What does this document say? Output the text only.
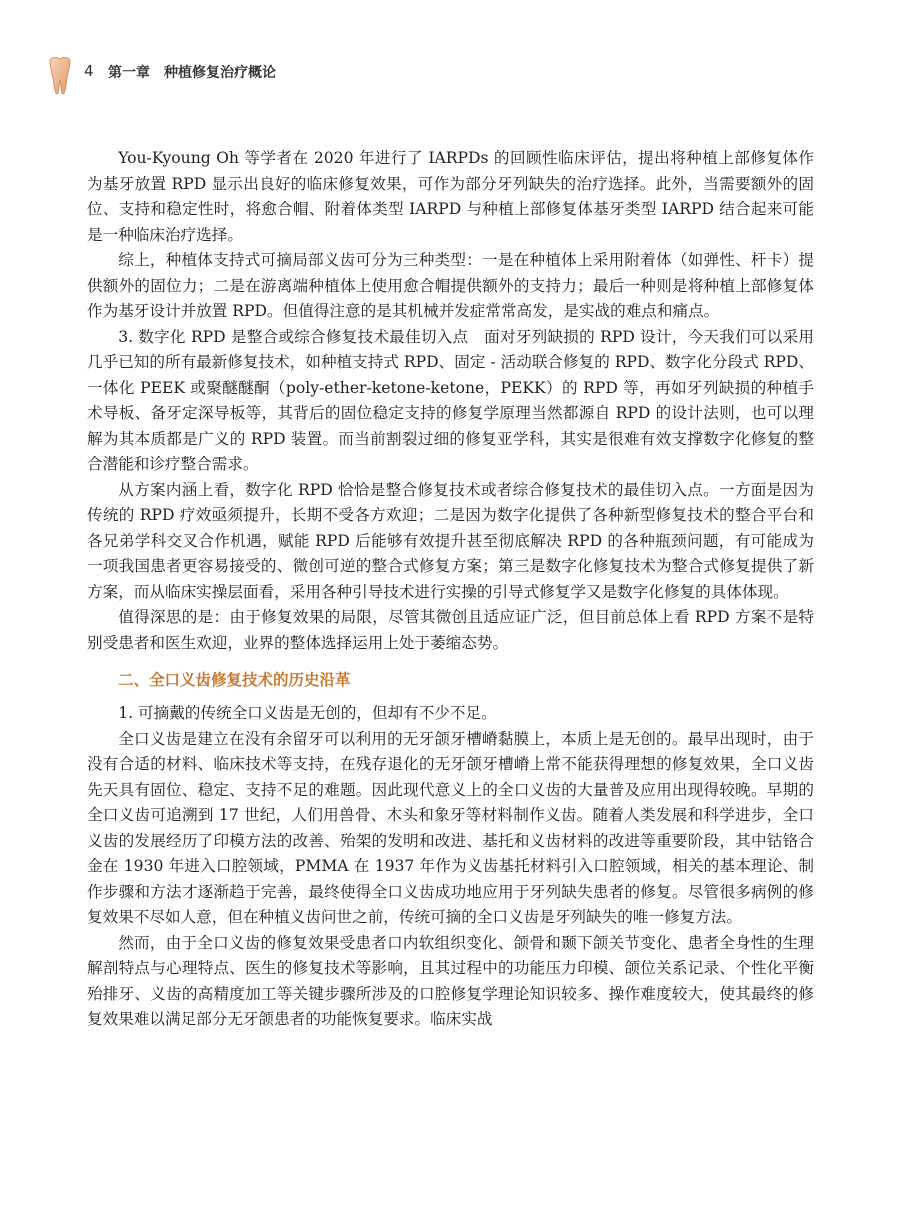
4 第一章　种植修复治疗概论

You-Kyoung Oh 等学者在 2020 年进行了 IARPDs 的回顾性临床评估，提出将种植上部修复体作为基牙放置 RPD 显示出良好的临床修复效果，可作为部分牙列缺失的治疗选择。此外，当需要额外的固位、支持和稳定性时，将愈合帽、附着体类型 IARPD 与种植上部修复体基牙类型 IARPD 结合起来可能是一种临床治疗选择。

综上，种植体支持式可摘局部义齿可分为三种类型：一是在种植体上采用附着体（如弹性、杆卡）提供额外的固位力；二是在游离端种植体上使用愈合帽提供额外的支持力；最后一种则是将种植上部修复体作为基牙设计并放置 RPD。但值得注意的是其机械并发症常常高发，是实战的难点和痛点。

3. 数字化 RPD 是整合或综合修复技术最佳切入点　面对牙列缺损的 RPD 设计，今天我们可以采用几乎已知的所有最新修复技术，如种植支持式 RPD、固定 - 活动联合修复的 RPD、数字化分段式 RPD、一体化 PEEK 或聚醚醚酮（poly-ether-ketone-ketone，PEKK）的 RPD 等，再如牙列缺损的种植手术导板、备牙定深导板等，其背后的固位稳定支持的修复学原理当然都源自 RPD 的设计法则，也可以理解为其本质都是广义的 RPD 装置。而当前割裂过细的修复亚学科，其实是很难有效支撑数字化修复的整合潜能和诊疗整合需求。

从方案内涵上看，数字化 RPD 恰恰是整合修复技术或者综合修复技术的最佳切入点。一方面是因为传统的 RPD 疗效亟须提升，长期不受各方欢迎；二是因为数字化提供了各种新型修复技术的整合平台和各兄弟学科交叉合作机遇，赋能 RPD 后能够有效提升甚至彻底解决 RPD 的各种瓶颈问题，有可能成为一项我国患者更容易接受的、微创可逆的整合式修复方案；第三是数字化修复技术为整合式修复提供了新方案，而从临床实操层面看，采用各种引导技术进行实操的引导式修复学又是数字化修复的具体体现。

值得深思的是：由于修复效果的局限，尽管其微创且适应证广泛，但目前总体上看 RPD 方案不是特别受患者和医生欢迎，业界的整体选择运用上处于萎缩态势。

二、全口义齿修复技术的历史沿革

1. 可摘戴的传统全口义齿是无创的，但却有不少不足。

全口义齿是建立在没有余留牙可以利用的无牙颌牙槽嵴黏膜上，本质上是无创的。最早出现时，由于没有合适的材料、临床技术等支持，在残存退化的无牙颌牙槽嵴上常不能获得理想的修复效果，全口义齿先天具有固位、稳定、支持不足的难题。因此现代意义上的全口义齿的大量普及应用出现得较晚。早期的全口义齿可追溯到 17 世纪，人们用兽骨、木头和象牙等材料制作义齿。随着人类发展和科学进步，全口义齿的发展经历了印模方法的改善、殆架的发明和改进、基托和义齿材料的改进等重要阶段，其中钴铬合金在 1930 年进入口腔领域，PMMA 在 1937 年作为义齿基托材料引入口腔领域，相关的基本理论、制作步骤和方法才逐渐趋于完善，最终使得全口义齿成功地应用于牙列缺失患者的修复。尽管很多病例的修复效果不尽如人意，但在种植义齿问世之前，传统可摘的全口义齿是牙列缺失的唯一修复方法。

然而，由于全口义齿的修复效果受患者口内软组织变化、颌骨和颞下颌关节变化、患者全身性的生理解剖特点与心理特点、医生的修复技术等影响，且其过程中的功能压力印模、颌位关系记录、个性化平衡殆排牙、义齿的高精度加工等关键步骤所涉及的口腔修复学理论知识较多、操作难度较大，使其最终的修复效果难以满足部分无牙颌患者的功能恢复要求。临床实战
